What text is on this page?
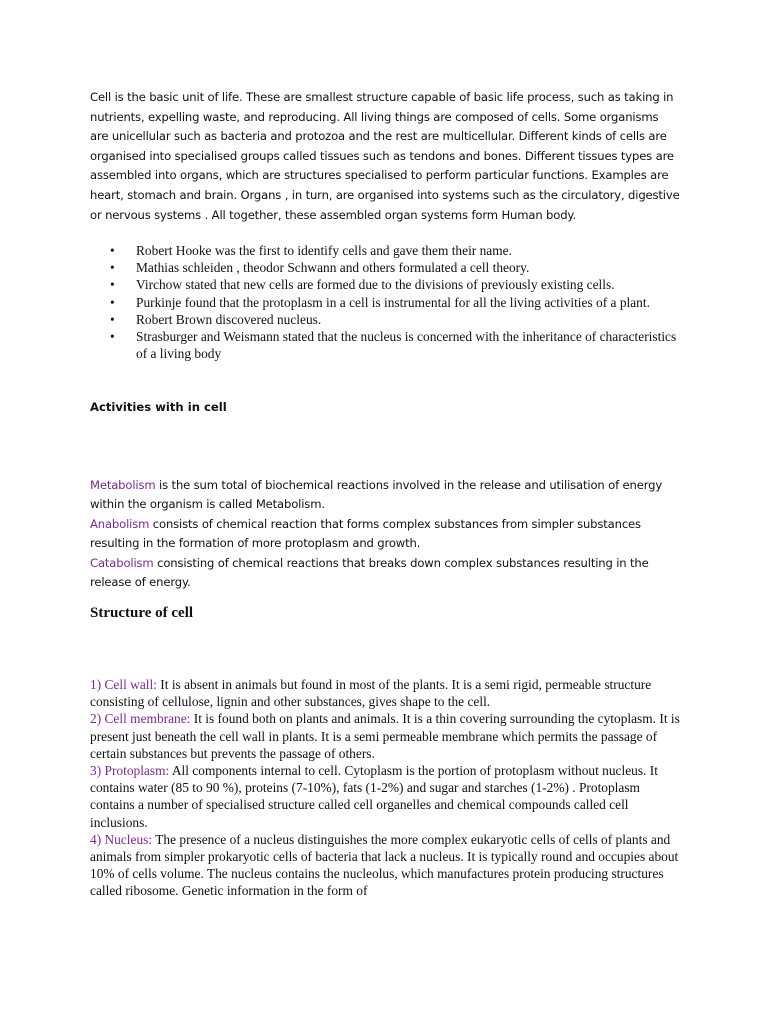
Cell is the basic unit of life. These are smallest structure capable of basic life process, such as taking in nutrients, expelling waste, and reproducing. All living things are composed of cells. Some organisms are unicellular such as bacteria and protozoa and the rest are multicellular. Different kinds of cells are organised into specialised groups called tissues such as tendons and bones. Different tissues types are assembled into organs, which are structures specialised to perform particular functions. Examples are heart, stomach and brain. Organs , in turn, are organised into systems such as the circulatory, digestive or nervous systems . All together, these assembled organ systems form Human body.

• Robert Hooke was the first to identify cells and gave them their name.
• Mathias schleiden , theodor Schwann and others formulated a cell theory.
• Virchow stated that new cells are formed due to the divisions of previously existing cells.
• Purkinje found that the protoplasm in a cell is instrumental for all the living activities of a plant.
• Robert Brown discovered nucleus.
• Strasburger and Weismann stated that the nucleus is concerned with the inheritance of characteristics of a living body
Activities with in cell

Metabolism is the sum total of biochemical reactions involved in the release and utilisation of energy within the organism is called Metabolism.

Anabolism consists of chemical reaction that forms complex substances from simpler substances resulting in the formation of more protoplasm and growth.

Catabolism consisting of chemical reactions that breaks down complex substances resulting in the release of energy.

Structure of cell

1) Cell wall: It is absent in animals but found in most of the plants. It is a semi rigid, permeable structure consisting of cellulose, lignin and other substances, gives shape to the cell.

2) Cell membrane: It is found both on plants and animals. It is a thin covering surrounding the cytoplasm. It is present just beneath the cell wall in plants. It is a semi permeable membrane which permits the passage of certain substances but prevents the passage of others.

3) Protoplasm: All components internal to cell. Cytoplasm is the portion of protoplasm without nucleus. It contains water (85 to 90 %), proteins (7-10%), fats (1-2%) and sugar and starches (1-2%) . Protoplasm contains a number of specialised structure called cell organelles and chemical compounds called cell inclusions.

4) Nucleus: The presence of a nucleus distinguishes the more complex eukaryotic cells of cells of plants and animals from simpler prokaryotic cells of bacteria that lack a nucleus. It is typically round and occupies about 10% of cells volume. The nucleus contains the nucleolus, which manufactures protein producing structures called ribosome. Genetic information in the form of
